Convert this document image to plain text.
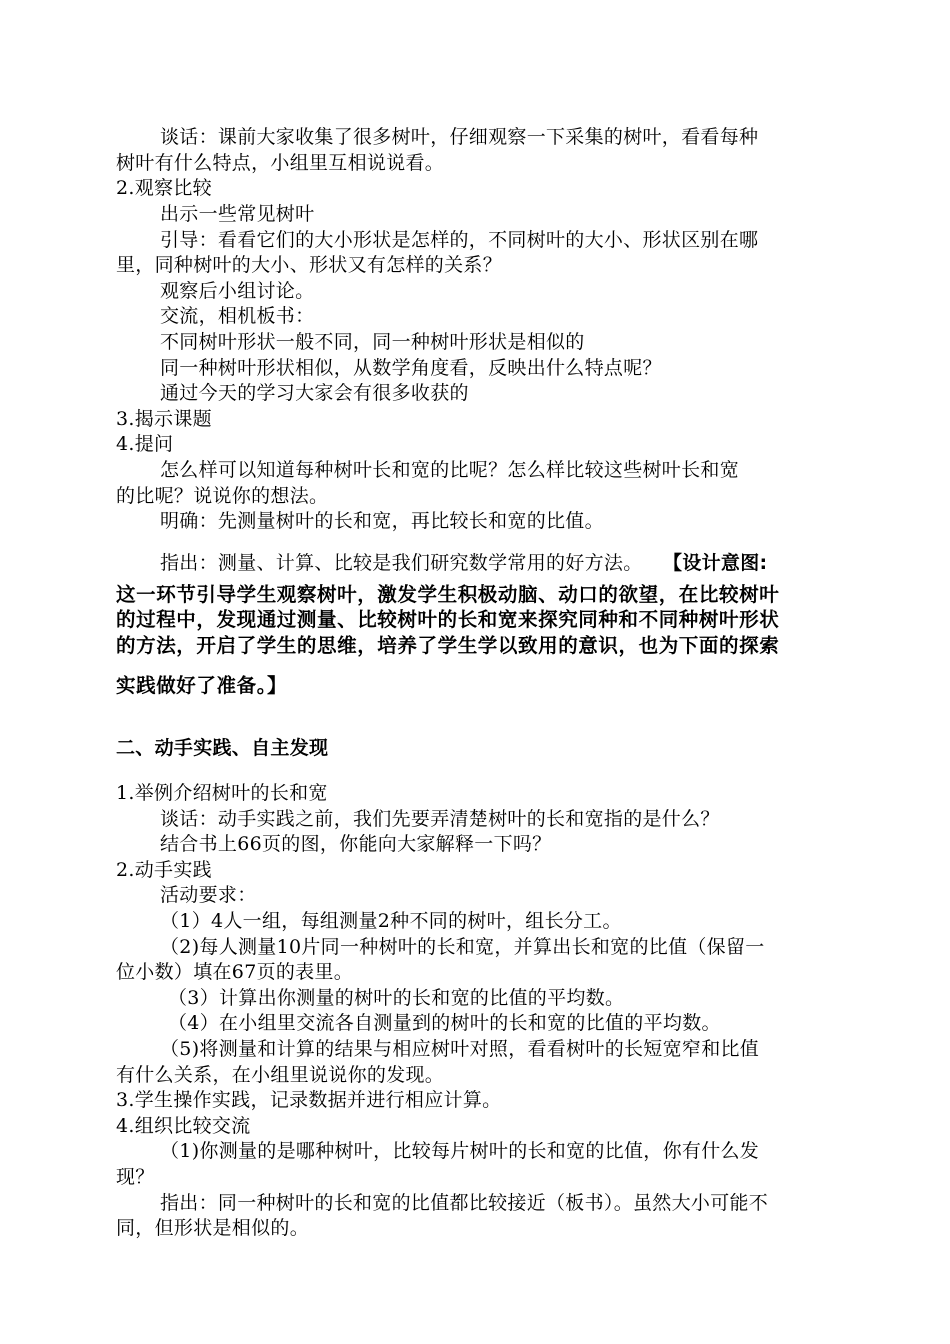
谈话：课前大家收集了很多树叶，仔细观察一下采集的树叶，看看每种
树叶有什么特点，小组里互相说说看。
2.观察比较
出示一些常见树叶
引导：看看它们的大小形状是怎样的，不同树叶的大小、形状区别在哪
里，同种树叶的大小、形状又有怎样的关系？
观察后小组讨论。
交流，相机板书：
不同树叶形状一般不同，同一种树叶形状是相似的
同一种树叶形状相似，从数学角度看，反映出什么特点呢？
通过今天的学习大家会有很多收获的
3.揭示课题
4.提问
怎么样可以知道每种树叶长和宽的比呢？怎么样比较这些树叶长和宽
的比呢？说说你的想法。
明确：先测量树叶的长和宽，再比较长和宽的比值。
指出：测量、计算、比较是我们研究数学常用的好方法。 【设计意图:
这一环节引导学生观察树叶，激发学生积极动脑、动口的欲望，在比较树叶
的过程中，发现通过测量、比较树叶的长和宽来探究同种和不同种树叶形状
的方法，开启了学生的思维，培养了学生学以致用的意识，也为下面的探索
实践做好了准备。】
二、动手实践、自主发现
1.举例介绍树叶的长和宽
谈话：动手实践之前，我们先要弄清楚树叶的长和宽指的是什么？
结合书上66页的图，你能向大家解释一下吗？
2.动手实践
活动要求：
（1）4人一组，每组测量2种不同的树叶，组长分工。
（2)每人测量10片同一种树叶的长和宽，并算出长和宽的比值（保留一
位小数）填在67页的表里。
（3）计算出你测量的树叶的长和宽的比值的平均数。
（4）在小组里交流各自测量到的树叶的长和宽的比值的平均数。
（5)将测量和计算的结果与相应树叶对照，看看树叶的长短宽窄和比值
有什么关系，在小组里说说你的发现。
3.学生操作实践，记录数据并进行相应计算。
4.组织比较交流
（1)你测量的是哪种树叶，比较每片树叶的长和宽的比值，你有什么发
现？
指出：同一种树叶的长和宽的比值都比较接近（板书）。虽然大小可能不
同，但形状是相似的。
